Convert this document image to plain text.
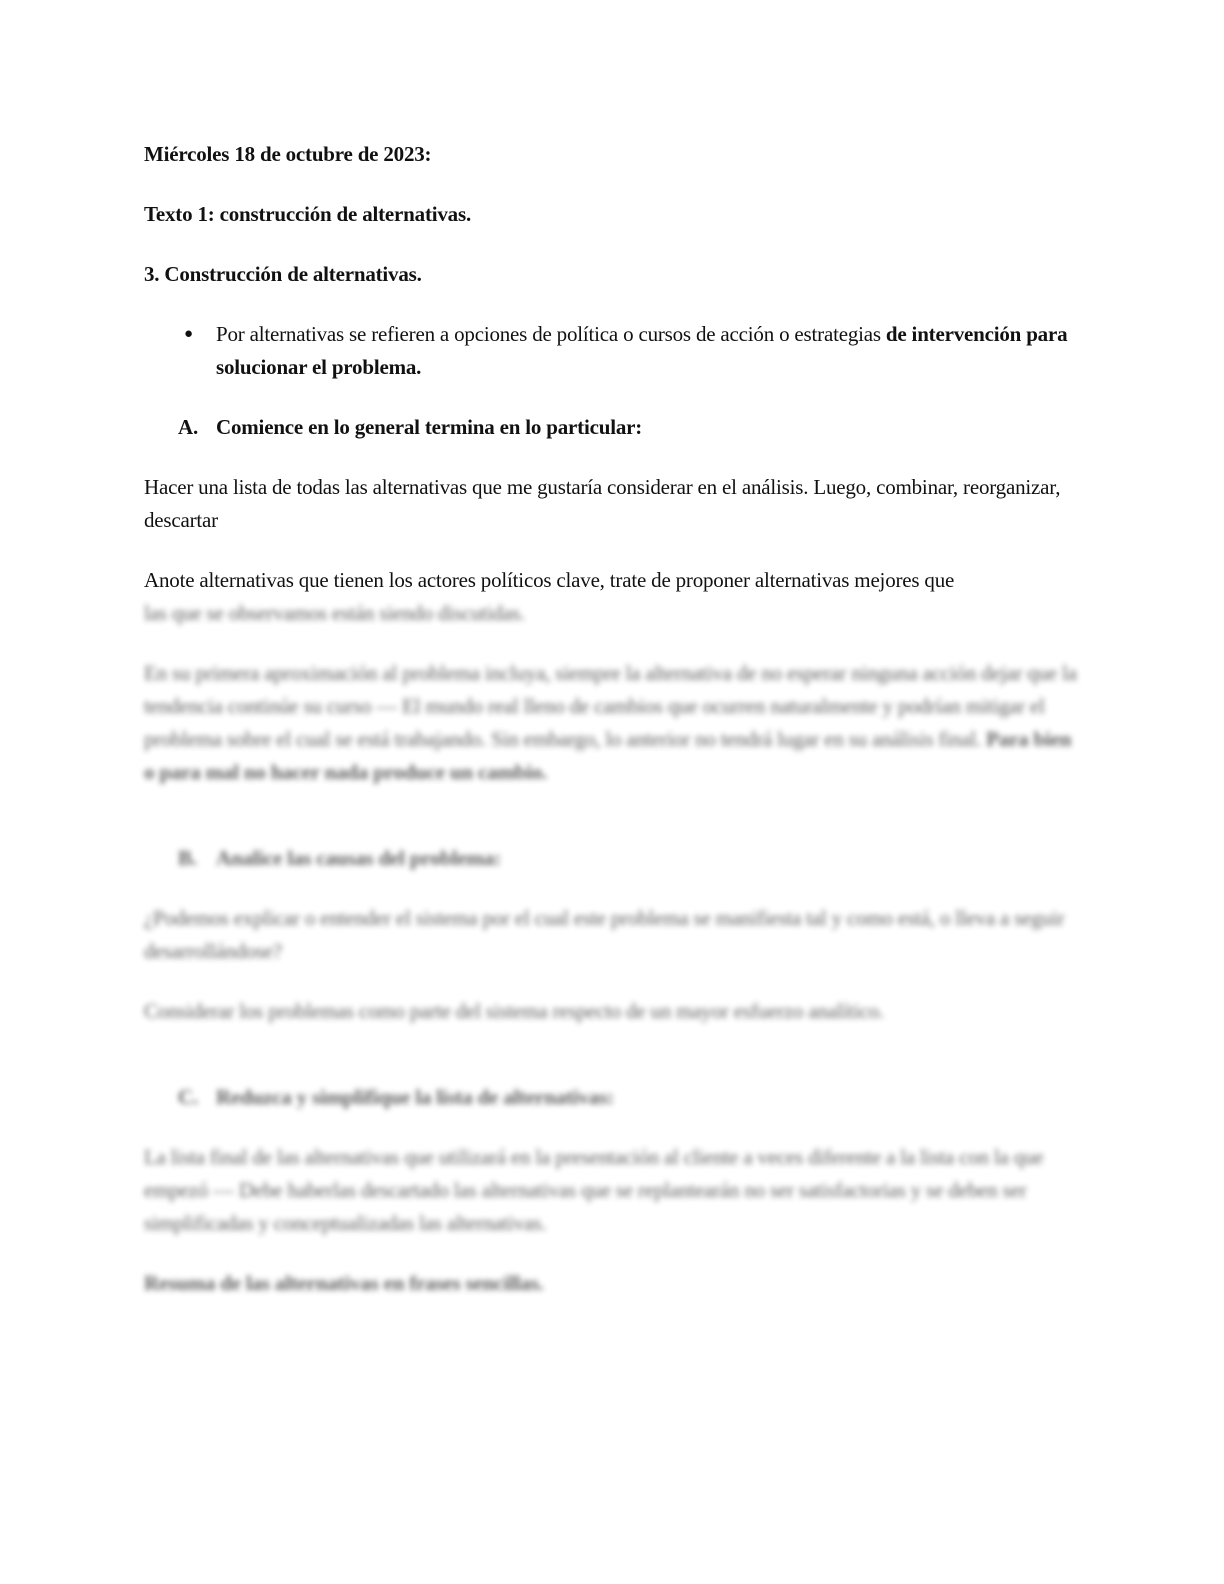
Miércoles 18 de octubre de 2023:

Texto 1: construcción de alternativas.

3. Construcción de alternativas.

● Por alternativas se refieren a opciones de política o cursos de acción o estrategias de intervención para solucionar el problema.
A. Comience en lo general termina en lo particular:

Hacer una lista de todas las alternativas que me gustaría considerar en el análisis. Luego, combinar, reorganizar, descartar

Anote alternativas que tienen los actores políticos clave, trate de proponer alternativas mejores que
las que se observamos están siendo discutidas.

En su primera aproximación al problema incluya, siempre la alternativa de no esperar ninguna acción dejar que la tendencia continúe su curso — El mundo real lleno de cambios que ocurren naturalmente y podrían mitigar el problema sobre el cual se está trabajando. Sin embargo, lo anterior no tendrá lugar en su análisis final. Para bien o para mal no hacer nada produce un cambio.

B. Analice las causas del problema:

¿Podemos explicar o entender el sistema por el cual este problema se manifiesta tal y como está, o lleva a seguir desarrollándose?

Considerar los problemas como parte del sistema respecto de un mayor esfuerzo analítico.

C. Reduzca y simplifique la lista de alternativas:

La lista final de las alternativas que utilizará en la presentación al cliente a veces diferente a la lista con la que empezó — Debe haberlas descartado las alternativas que se replantearán no ser satisfactorias y se deben ser simplificadas y conceptualizadas las alternativas.

Resuma de las alternativas en frases sencillas.
